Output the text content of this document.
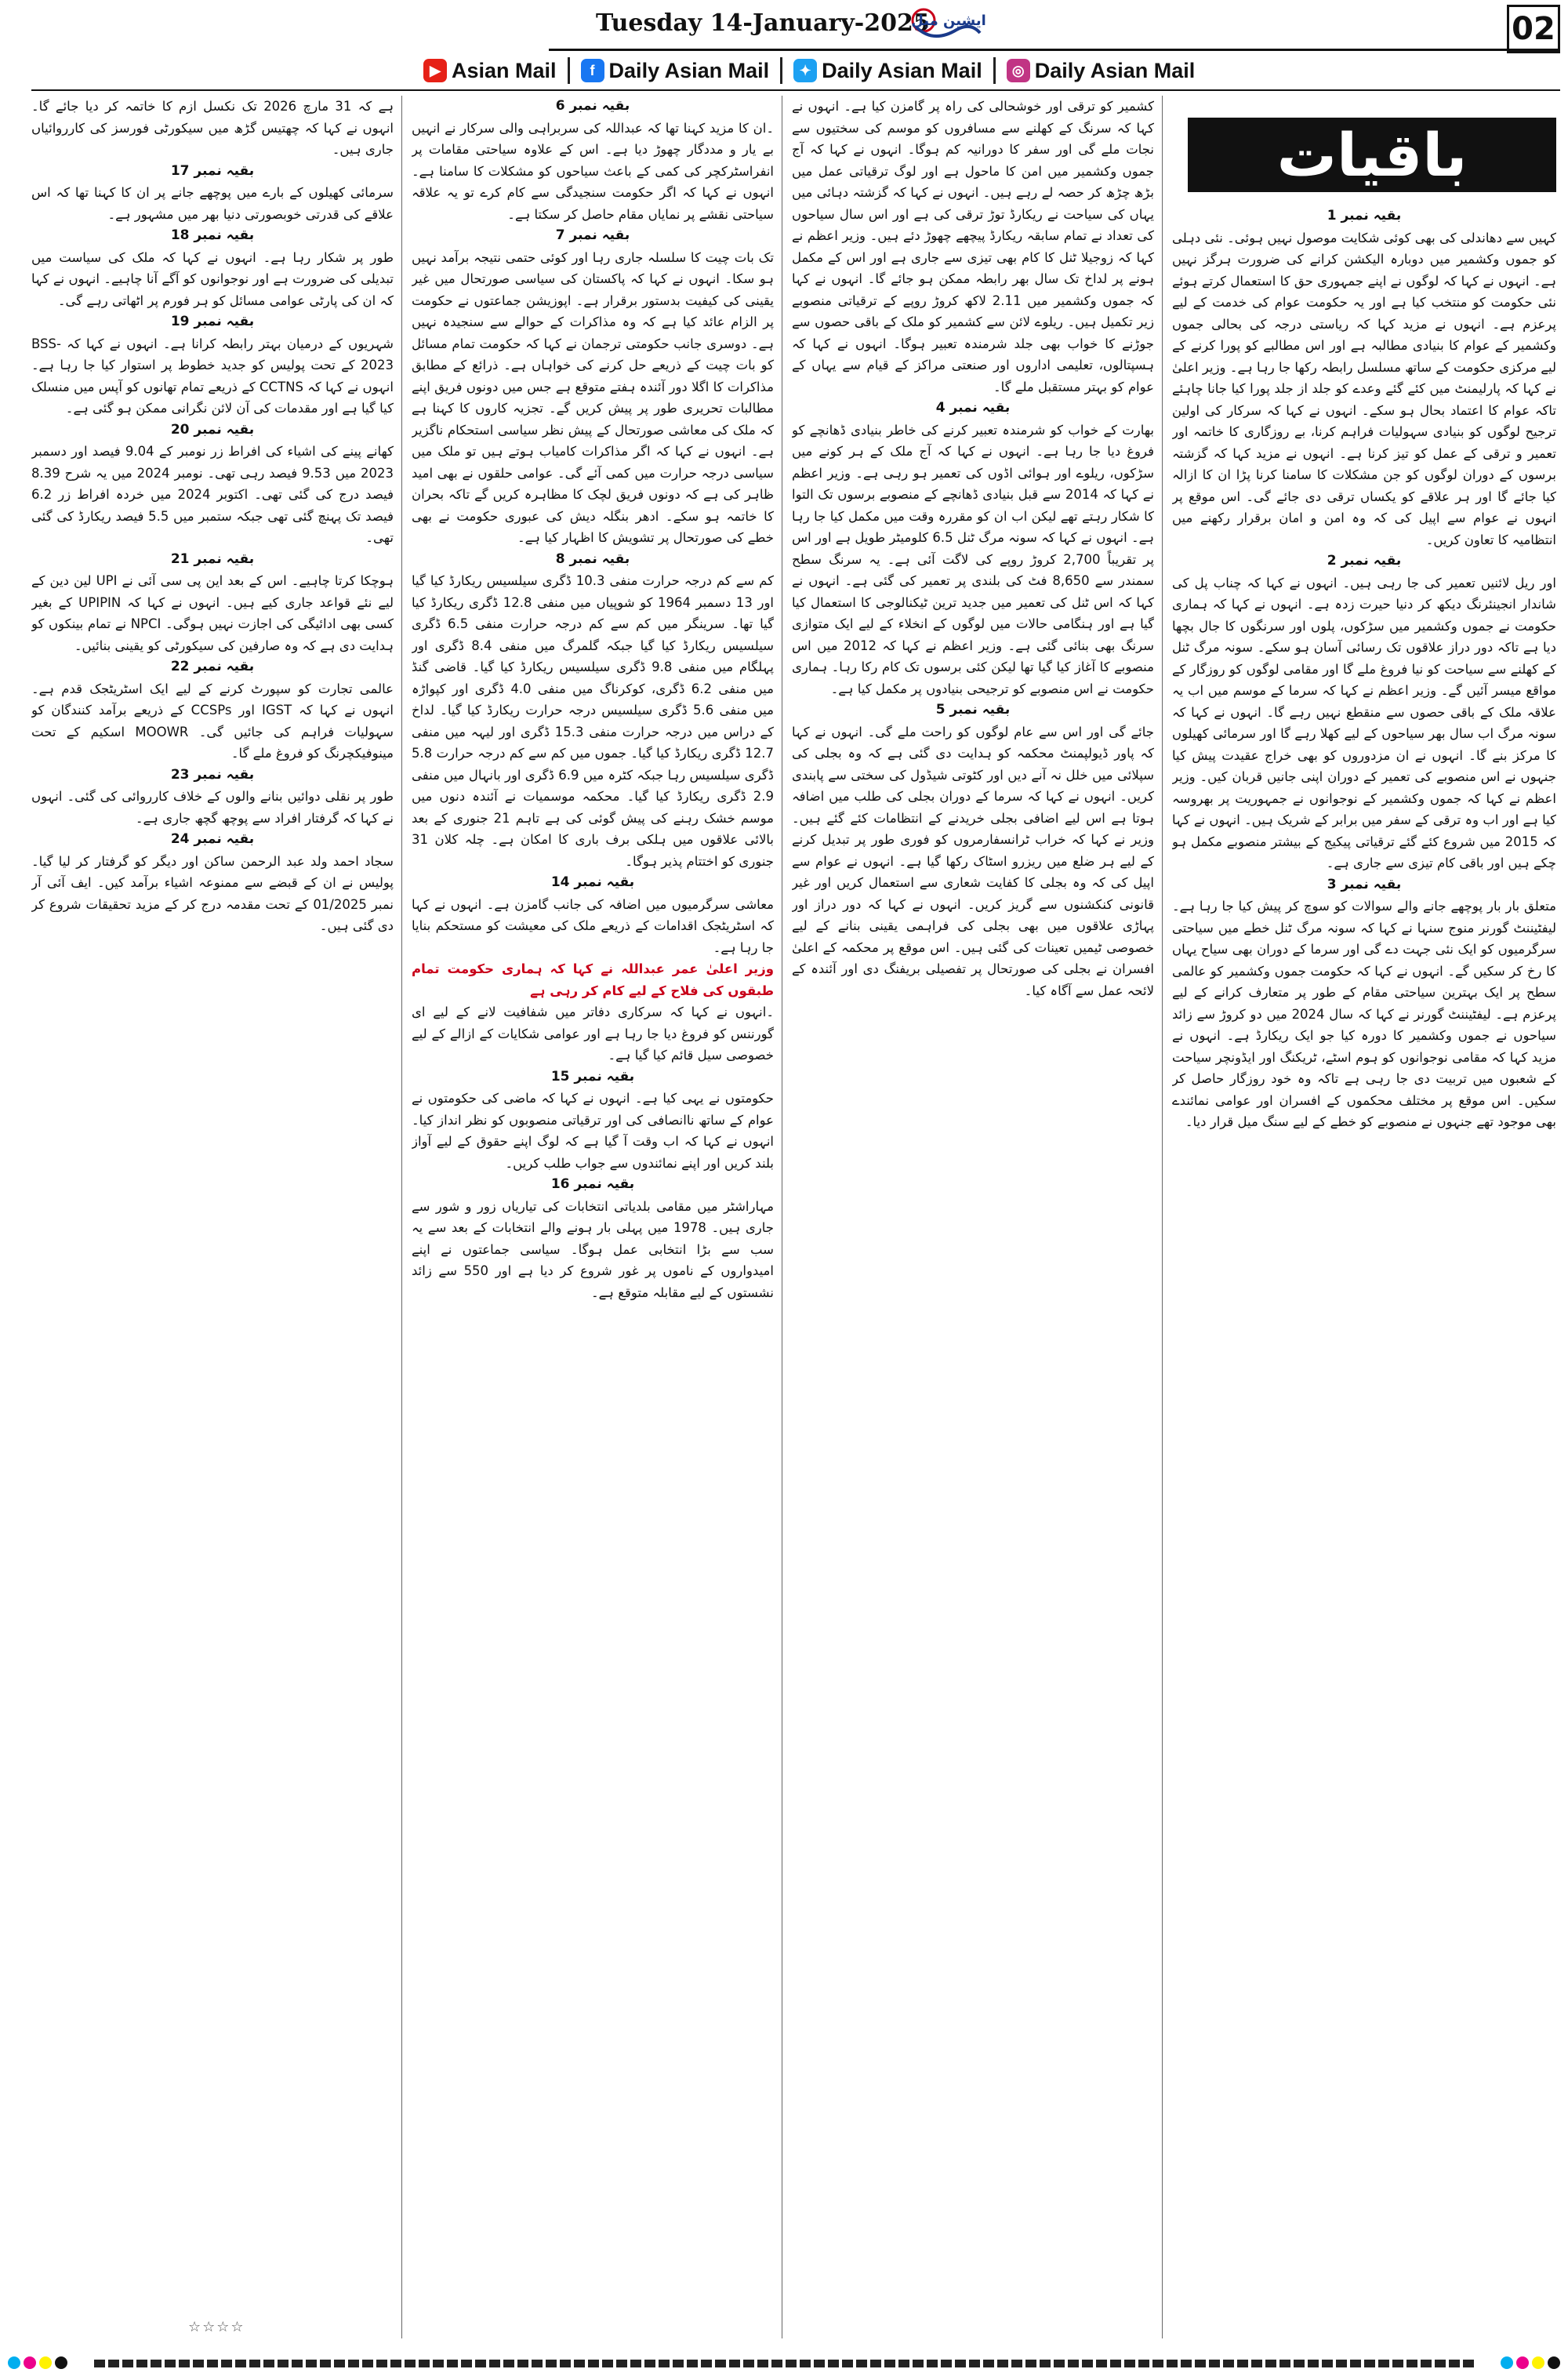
Tuesday 14-January-2025
ایشین میل	02
▶ Asian Mail	f Daily Asian Mail	✦ Daily Asian Mail	◎ Daily Asian Mail
باقیات

بقیہ نمبر 1

کہیں سے دھاندلی کی بھی کوئی شکایت موصول نہیں ہوئی۔ نئی دہلی کو جموں وکشمیر میں دوبارہ الیکشن کرانے کی ضرورت ہرگز نہیں ہے۔ انہوں نے کہا کہ لوگوں نے اپنے جمہوری حق کا استعمال کرتے ہوئے نئی حکومت کو منتخب کیا ہے اور یہ حکومت عوام کی خدمت کے لیے پرعزم ہے۔ انہوں نے مزید کہا کہ ریاستی درجہ کی بحالی جموں وکشمیر کے عوام کا بنیادی مطالبہ ہے اور اس مطالبے کو پورا کرنے کے لیے مرکزی حکومت کے ساتھ مسلسل رابطہ رکھا جا رہا ہے۔ وزیر اعلیٰ نے کہا کہ پارلیمنٹ میں کئے گئے وعدے کو جلد از جلد پورا کیا جانا چاہئے تاکہ عوام کا اعتماد بحال ہو سکے۔ انہوں نے کہا کہ سرکار کی اولین ترجیح لوگوں کو بنیادی سہولیات فراہم کرنا، بے روزگاری کا خاتمہ اور تعمیر و ترقی کے عمل کو تیز کرنا ہے۔ انہوں نے مزید کہا کہ گزشتہ برسوں کے دوران لوگوں کو جن مشکلات کا سامنا کرنا پڑا ان کا ازالہ کیا جائے گا اور ہر علاقے کو یکساں ترقی دی جائے گی۔ اس موقع پر انہوں نے عوام سے اپیل کی کہ وہ امن و امان برقرار رکھنے میں انتظامیہ کا تعاون کریں۔

بقیہ نمبر 2

اور ریل لائنیں تعمیر کی جا رہی ہیں۔ انہوں نے کہا کہ چناب پل کی شاندار انجینئرنگ دیکھ کر دنیا حیرت زدہ ہے۔ انہوں نے کہا کہ ہماری حکومت نے جموں وکشمیر میں سڑکوں، پلوں اور سرنگوں کا جال بچھا دیا ہے تاکہ دور دراز علاقوں تک رسائی آسان ہو سکے۔ سونہ مرگ ٹنل کے کھلنے سے سیاحت کو نیا فروغ ملے گا اور مقامی لوگوں کو روزگار کے مواقع میسر آئیں گے۔ وزیر اعظم نے کہا کہ سرما کے موسم میں اب یہ علاقہ ملک کے باقی حصوں سے منقطع نہیں رہے گا۔ انہوں نے کہا کہ سونہ مرگ اب سال بھر سیاحوں کے لیے کھلا رہے گا اور سرمائی کھیلوں کا مرکز بنے گا۔ انہوں نے ان مزدوروں کو بھی خراج عقیدت پیش کیا جنہوں نے اس منصوبے کی تعمیر کے دوران اپنی جانیں قربان کیں۔ وزیر اعظم نے کہا کہ جموں وکشمیر کے نوجوانوں نے جمہوریت پر بھروسہ کیا ہے اور اب وہ ترقی کے سفر میں برابر کے شریک ہیں۔ انہوں نے کہا کہ 2015 میں شروع کئے گئے ترقیاتی پیکیج کے بیشتر منصوبے مکمل ہو چکے ہیں اور باقی کام تیزی سے جاری ہے۔

بقیہ نمبر 3

متعلق بار بار پوچھے جانے والے سوالات کو سوچ کر پیش کیا جا رہا ہے۔ لیفٹیننٹ گورنر منوج سنہا نے کہا کہ سونہ مرگ ٹنل خطے میں سیاحتی سرگرمیوں کو ایک نئی جہت دے گی اور سرما کے دوران بھی سیاح یہاں کا رخ کر سکیں گے۔ انہوں نے کہا کہ حکومت جموں وکشمیر کو عالمی سطح پر ایک بہترین سیاحتی مقام کے طور پر متعارف کرانے کے لیے پرعزم ہے۔ لیفٹیننٹ گورنر نے کہا کہ سال 2024 میں دو کروڑ سے زائد سیاحوں نے جموں وکشمیر کا دورہ کیا جو ایک ریکارڈ ہے۔ انہوں نے مزید کہا کہ مقامی نوجوانوں کو ہوم اسٹے، ٹریکنگ اور ایڈونچر سیاحت کے شعبوں میں تربیت دی جا رہی ہے تاکہ وہ خود روزگار حاصل کر سکیں۔ اس موقع پر مختلف محکموں کے افسران اور عوامی نمائندے بھی موجود تھے جنہوں نے منصوبے کو خطے کے لیے سنگ میل قرار دیا۔

کشمیر کو ترقی اور خوشحالی کی راہ پر گامزن کیا ہے۔ انہوں نے کہا کہ سرنگ کے کھلنے سے مسافروں کو موسم کی سختیوں سے نجات ملے گی اور سفر کا دورانیہ کم ہوگا۔ انہوں نے کہا کہ آج جموں وکشمیر میں امن کا ماحول ہے اور لوگ ترقیاتی عمل میں بڑھ چڑھ کر حصہ لے رہے ہیں۔ انہوں نے کہا کہ گزشتہ دہائی میں یہاں کی سیاحت نے ریکارڈ توڑ ترقی کی ہے اور اس سال سیاحوں کی تعداد نے تمام سابقہ ریکارڈ پیچھے چھوڑ دئے ہیں۔ وزیر اعظم نے کہا کہ زوجیلا ٹنل کا کام بھی تیزی سے جاری ہے اور اس کے مکمل ہونے پر لداخ تک سال بھر رابطہ ممکن ہو جائے گا۔ انہوں نے کہا کہ جموں وکشمیر میں 2.11 لاکھ کروڑ روپے کے ترقیاتی منصوبے زیر تکمیل ہیں۔ ریلوے لائن سے کشمیر کو ملک کے باقی حصوں سے جوڑنے کا خواب بھی جلد شرمندہ تعبیر ہوگا۔ انہوں نے کہا کہ ہسپتالوں، تعلیمی اداروں اور صنعتی مراکز کے قیام سے یہاں کے عوام کو بہتر مستقبل ملے گا۔

بقیہ نمبر 4

بھارت کے خواب کو شرمندہ تعبیر کرنے کی خاطر بنیادی ڈھانچے کو فروغ دیا جا رہا ہے۔ انہوں نے کہا کہ آج ملک کے ہر کونے میں سڑکوں، ریلوے اور ہوائی اڈوں کی تعمیر ہو رہی ہے۔ وزیر اعظم نے کہا کہ 2014 سے قبل بنیادی ڈھانچے کے منصوبے برسوں تک التوا کا شکار رہتے تھے لیکن اب ان کو مقررہ وقت میں مکمل کیا جا رہا ہے۔ انہوں نے کہا کہ سونہ مرگ ٹنل 6.5 کلومیٹر طویل ہے اور اس پر تقریباً 2,700 کروڑ روپے کی لاگت آئی ہے۔ یہ سرنگ سطح سمندر سے 8,650 فٹ کی بلندی پر تعمیر کی گئی ہے۔ انہوں نے کہا کہ اس ٹنل کی تعمیر میں جدید ترین ٹیکنالوجی کا استعمال کیا گیا ہے اور ہنگامی حالات میں لوگوں کے انخلاء کے لیے ایک متوازی سرنگ بھی بنائی گئی ہے۔ وزیر اعظم نے کہا کہ 2012 میں اس منصوبے کا آغاز کیا گیا تھا لیکن کئی برسوں تک کام رکا رہا۔ ہماری حکومت نے اس منصوبے کو ترجیحی بنیادوں پر مکمل کیا ہے۔

بقیہ نمبر 5

جائے گی اور اس سے عام لوگوں کو راحت ملے گی۔ انہوں نے کہا کہ پاور ڈیولپمنٹ محکمہ کو ہدایت دی گئی ہے کہ وہ بجلی کی سپلائی میں خلل نہ آنے دیں اور کٹوتی شیڈول کی سختی سے پابندی کریں۔ انہوں نے کہا کہ سرما کے دوران بجلی کی طلب میں اضافہ ہوتا ہے اس لیے اضافی بجلی خریدنے کے انتظامات کئے گئے ہیں۔ وزیر نے کہا کہ خراب ٹرانسفارمروں کو فوری طور پر تبدیل کرنے کے لیے ہر ضلع میں ریزرو اسٹاک رکھا گیا ہے۔ انہوں نے عوام سے اپیل کی کہ وہ بجلی کا کفایت شعاری سے استعمال کریں اور غیر قانونی کنکشنوں سے گریز کریں۔ انہوں نے کہا کہ دور دراز اور پہاڑی علاقوں میں بھی بجلی کی فراہمی یقینی بنانے کے لیے خصوصی ٹیمیں تعینات کی گئی ہیں۔ اس موقع پر محکمہ کے اعلیٰ افسران نے بجلی کی صورتحال پر تفصیلی بریفنگ دی اور آئندہ کے لائحہ عمل سے آگاہ کیا۔

بقیہ نمبر 6

۔ان کا مزید کہنا تھا کہ عبداللہ کی سربراہی والی سرکار نے انہیں بے یار و مددگار چھوڑ دیا ہے۔ اس کے علاوہ سیاحتی مقامات پر انفراسٹرکچر کی کمی کے باعث سیاحوں کو مشکلات کا سامنا ہے۔ انہوں نے کہا کہ اگر حکومت سنجیدگی سے کام کرے تو یہ علاقہ سیاحتی نقشے پر نمایاں مقام حاصل کر سکتا ہے۔

بقیہ نمبر 7

تک بات چیت کا سلسلہ جاری رہا اور کوئی حتمی نتیجہ برآمد نہیں ہو سکا۔ انہوں نے کہا کہ پاکستان کی سیاسی صورتحال میں غیر یقینی کی کیفیت بدستور برقرار ہے۔ اپوزیشن جماعتوں نے حکومت پر الزام عائد کیا ہے کہ وہ مذاکرات کے حوالے سے سنجیدہ نہیں ہے۔ دوسری جانب حکومتی ترجمان نے کہا کہ حکومت تمام مسائل کو بات چیت کے ذریعے حل کرنے کی خواہاں ہے۔ ذرائع کے مطابق مذاکرات کا اگلا دور آئندہ ہفتے متوقع ہے جس میں دونوں فریق اپنے مطالبات تحریری طور پر پیش کریں گے۔ تجزیہ کاروں کا کہنا ہے کہ ملک کی معاشی صورتحال کے پیش نظر سیاسی استحکام ناگزیر ہے۔ انہوں نے کہا کہ اگر مذاکرات کامیاب ہوتے ہیں تو ملک میں سیاسی درجہ حرارت میں کمی آئے گی۔ عوامی حلقوں نے بھی امید ظاہر کی ہے کہ دونوں فریق لچک کا مظاہرہ کریں گے تاکہ بحران کا خاتمہ ہو سکے۔ ادھر بنگلہ دیش کی عبوری حکومت نے بھی خطے کی صورتحال پر تشویش کا اظہار کیا ہے۔

بقیہ نمبر 8

کم سے کم درجہ حرارت منفی 10.3 ڈگری سیلسیس ریکارڈ کیا گیا اور 13 دسمبر 1964 کو شوپیاں میں منفی 12.8 ڈگری ریکارڈ کیا گیا تھا۔ سرینگر میں کم سے کم درجہ حرارت منفی 6.5 ڈگری سیلسیس ریکارڈ کیا گیا جبکہ گلمرگ میں منفی 8.4 ڈگری اور پہلگام میں منفی 9.8 ڈگری سیلسیس ریکارڈ کیا گیا۔ قاضی گنڈ میں منفی 6.2 ڈگری، کوکرناگ میں منفی 4.0 ڈگری اور کپواڑہ میں منفی 5.6 ڈگری سیلسیس درجہ حرارت ریکارڈ کیا گیا۔ لداخ کے دراس میں درجہ حرارت منفی 15.3 ڈگری اور لیہہ میں منفی 12.7 ڈگری ریکارڈ کیا گیا۔ جموں میں کم سے کم درجہ حرارت 5.8 ڈگری سیلسیس رہا جبکہ کٹرہ میں 6.9 ڈگری اور بانہال میں منفی 2.9 ڈگری ریکارڈ کیا گیا۔ محکمہ موسمیات نے آئندہ دنوں میں موسم خشک رہنے کی پیش گوئی کی ہے تاہم 21 جنوری کے بعد بالائی علاقوں میں ہلکی برف باری کا امکان ہے۔ چلہ کلان 31 جنوری کو اختتام پذیر ہوگا۔

بقیہ نمبر 14

معاشی سرگرمیوں میں اضافہ کی جانب گامزن ہے۔ انہوں نے کہا کہ اسٹریٹجک اقدامات کے ذریعے ملک کی معیشت کو مستحکم بنایا جا رہا ہے۔

وزیر اعلیٰ عمر عبداللہ نے کہا کہ ہماری حکومت تمام طبقوں کی فلاح کے لیے کام کر رہی ہے

۔انہوں نے کہا کہ سرکاری دفاتر میں شفافیت لانے کے لیے ای گورننس کو فروغ دیا جا رہا ہے اور عوامی شکایات کے ازالے کے لیے خصوصی سیل قائم کیا گیا ہے۔

بقیہ نمبر 15

حکومتوں نے یہی کیا ہے۔ انہوں نے کہا کہ ماضی کی حکومتوں نے عوام کے ساتھ ناانصافی کی اور ترقیاتی منصوبوں کو نظر انداز کیا۔ انہوں نے کہا کہ اب وقت آ گیا ہے کہ لوگ اپنے حقوق کے لیے آواز بلند کریں اور اپنے نمائندوں سے جواب طلب کریں۔

بقیہ نمبر 16

مہاراشٹر میں مقامی بلدیاتی انتخابات کی تیاریاں زور و شور سے جاری ہیں۔ 1978 میں پہلی بار ہونے والے انتخابات کے بعد سے یہ سب سے بڑا انتخابی عمل ہوگا۔ سیاسی جماعتوں نے اپنے امیدواروں کے ناموں پر غور شروع کر دیا ہے اور 550 سے زائد نشستوں کے لیے مقابلہ متوقع ہے۔

ہے کہ 31 مارچ 2026 تک نکسل ازم کا خاتمہ کر دیا جائے گا۔ انہوں نے کہا کہ چھتیس گڑھ میں سیکورٹی فورسز کی کارروائیاں جاری ہیں۔

بقیہ نمبر 17

سرمائی کھیلوں کے بارے میں پوچھے جانے پر ان کا کہنا تھا کہ اس علاقے کی قدرتی خوبصورتی دنیا بھر میں مشہور ہے۔

بقیہ نمبر 18

طور پر شکار رہا ہے۔ انہوں نے کہا کہ ملک کی سیاست میں تبدیلی کی ضرورت ہے اور نوجوانوں کو آگے آنا چاہیے۔ انہوں نے کہا کہ ان کی پارٹی عوامی مسائل کو ہر فورم پر اٹھاتی رہے گی۔

بقیہ نمبر 19

شہریوں کے درمیان بہتر رابطہ کرانا ہے۔ انہوں نے کہا کہ BSS-2023 کے تحت پولیس کو جدید خطوط پر استوار کیا جا رہا ہے۔ انہوں نے کہا کہ CCTNS کے ذریعے تمام تھانوں کو آپس میں منسلک کیا گیا ہے اور مقدمات کی آن لائن نگرانی ممکن ہو گئی ہے۔

بقیہ نمبر 20

کھانے پینے کی اشیاء کی افراط زر نومبر کے 9.04 فیصد اور دسمبر 2023 میں 9.53 فیصد رہی تھی۔ نومبر 2024 میں یہ شرح 8.39 فیصد درج کی گئی تھی۔ اکتوبر 2024 میں خردہ افراط زر 6.2 فیصد تک پہنچ گئی تھی جبکہ ستمبر میں 5.5 فیصد ریکارڈ کی گئی تھی۔

بقیہ نمبر 21

ہوچکا کرتا چاہیے۔ اس کے بعد این پی سی آئی نے UPI لین دین کے لیے نئے قواعد جاری کیے ہیں۔ انہوں نے کہا کہ UPIPIN کے بغیر کسی بھی ادائیگی کی اجازت نہیں ہوگی۔ NPCI نے تمام بینکوں کو ہدایت دی ہے کہ وہ صارفین کی سیکورٹی کو یقینی بنائیں۔

بقیہ نمبر 22

عالمی تجارت کو سپورٹ کرنے کے لیے ایک اسٹریٹجک قدم ہے۔ انہوں نے کہا کہ IGST اور CCSPs کے ذریعے برآمد کنندگان کو سہولیات فراہم کی جائیں گی۔ MOOWR اسکیم کے تحت مینوفیکچرنگ کو فروغ ملے گا۔

بقیہ نمبر 23

طور پر نقلی دوائیں بنانے والوں کے خلاف کارروائی کی گئی۔ انہوں نے کہا کہ گرفتار افراد سے پوچھ گچھ جاری ہے۔

بقیہ نمبر 24

سجاد احمد ولد عبد الرحمن ساکن اور دیگر کو گرفتار کر لیا گیا۔ پولیس نے ان کے قبضے سے ممنوعہ اشیاء برآمد کیں۔ ایف آئی آر نمبر 01/2025 کے تحت مقدمہ درج کر کے مزید تحقیقات شروع کر دی گئی ہیں۔

☆☆☆☆
